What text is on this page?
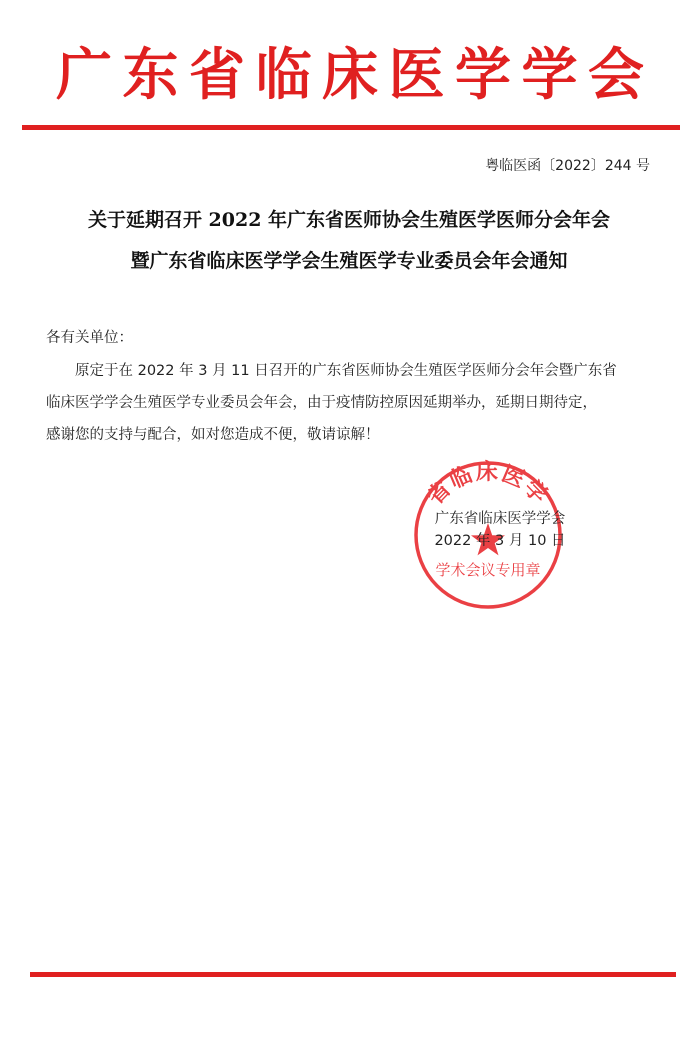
广 东 省 临 床 医 学 学 会
粤临医函〔2022〕244 号
关于延期召开 2022 年广东省医师协会生殖医学医师分会年会
暨广东省临床医学学会生殖医学专业委员会年会通知
各有关单位：
原定于在 2022 年 3 月 11 日召开的广东省医师协会生殖医学医师分会年会暨广东省
临床医学学会生殖医学专业委员会年会，由于疫情防控原因延期举办，延期日期待定，
感谢您的支持与配合，如对您造成不便，敬请谅解！
省临床医学
学术会议专用章
广东省临床医学学会
2022 年 3 月 10 日
